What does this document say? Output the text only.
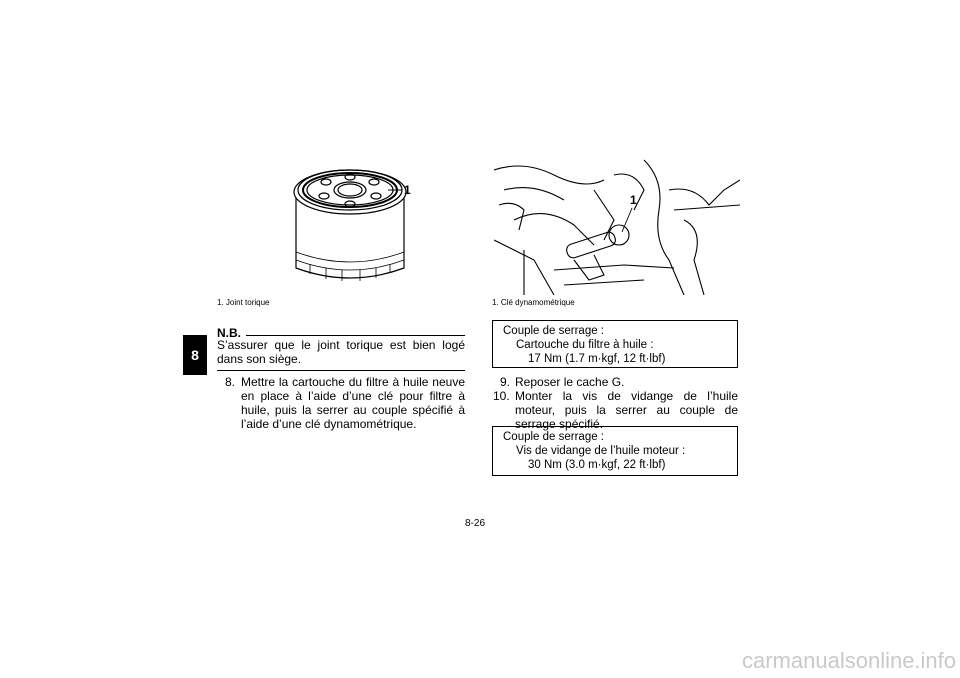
8
1
1. Joint torique
1
1. Clé dynamométrique
N.B.
S’assurer que le joint torique est bien logé dans son siège.
8. Mettre la cartouche du filtre à huile neuve en place à l’aide d’une clé pour filtre à huile, puis la serrer au couple spécifié à l’aide d’une clé dynamométrique.
Couple de serrage :
Cartouche du filtre à huile :
17 Nm (1.7 m·kgf, 12 ft·lbf)
9. Reposer le cache G.
10. Monter la vis de vidange de l’huile moteur, puis la serrer au couple de serrage spécifié.
Couple de serrage :
Vis de vidange de l’huile moteur :
30 Nm (3.0 m·kgf, 22 ft·lbf)
8-26
carmanualsonline.info
